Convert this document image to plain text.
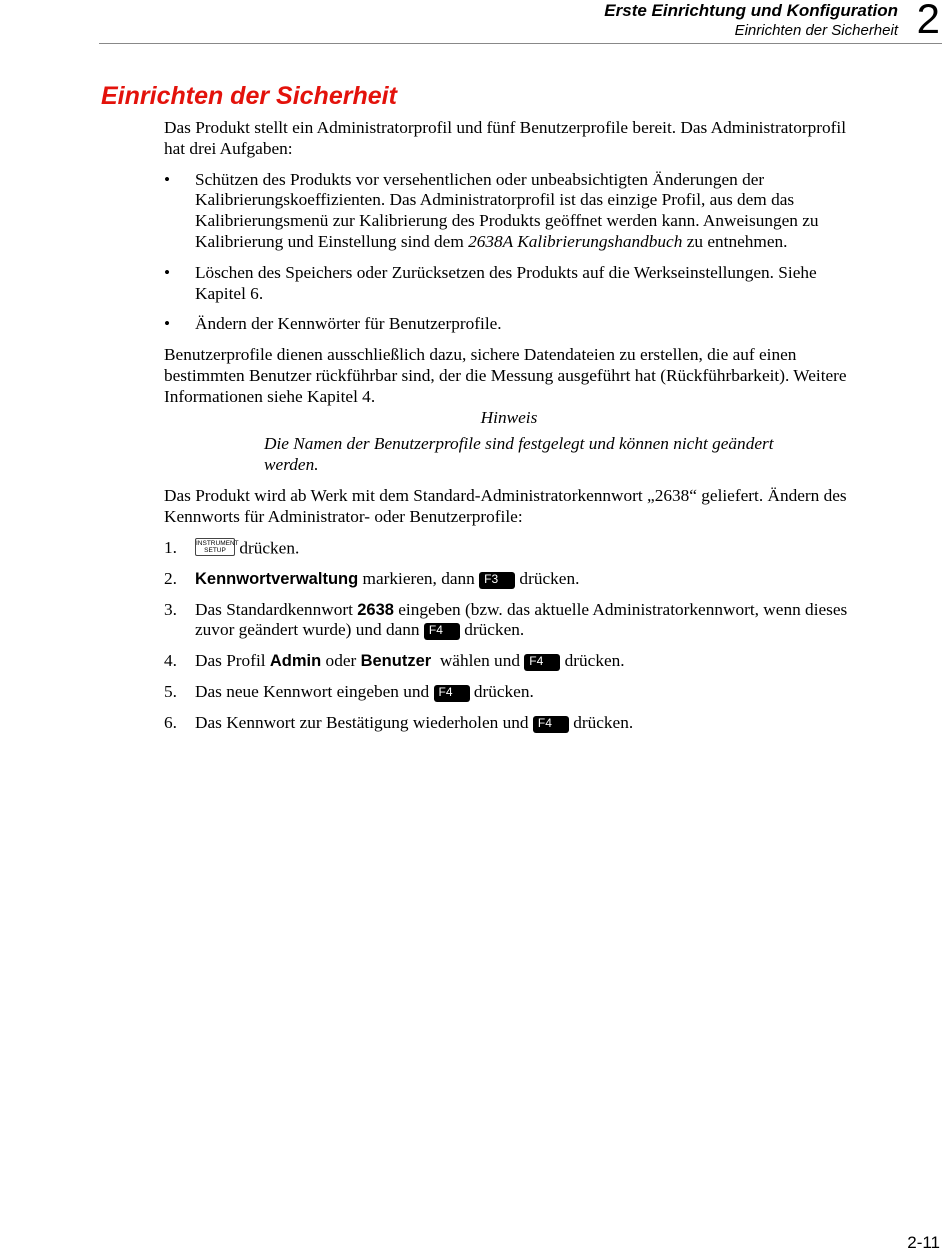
Erste Einrichtung und Konfiguration
Einrichten der Sicherheit 2
Einrichten der Sicherheit

Das Produkt stellt ein Administratorprofil und fünf Benutzerprofile bereit. Das Administratorprofil hat drei Aufgaben:

• Schützen des Produkts vor versehentlichen oder unbeabsichtigten Änderungen der Kalibrierungskoeffizienten. Das Administratorprofil ist das einzige Profil, aus dem das Kalibrierungsmenü zur Kalibrierung des Produkts geöffnet werden kann. Anweisungen zu Kalibrierung und Einstellung sind dem 2638A Kalibrierungshandbuch zu entnehmen.
• Löschen des Speichers oder Zurücksetzen des Produkts auf die Werkseinstellungen. Siehe Kapitel 6.
• Ändern der Kennwörter für Benutzerprofile.

Benutzerprofile dienen ausschließlich dazu, sichere Datendateien zu erstellen, die auf einen bestimmten Benutzer rückführbar sind, der die Messung ausgeführt hat (Rückführbarkeit). Weitere Informationen siehe Kapitel 4.

Hinweis
Die Namen der Benutzerprofile sind festgelegt und können nicht geändert werden.

Das Produkt wird ab Werk mit dem Standard-Administratorkennwort „2638“ geliefert. Ändern des Kennworts für Administrator- oder Benutzerprofile:

1.	INSTRUMENT
SETUP drücken.
2. Kennwortverwaltung markieren, dann F3 drücken.
3. Das Standardkennwort 2638 eingeben (bzw. das aktuelle Administratorkennwort, wenn dieses zuvor geändert wurde) und dann F4 drücken.
4. Das Profil Admin oder Benutzer  wählen und F4 drücken.
5. Das neue Kennwort eingeben und F4 drücken.
6. Das Kennwort zur Bestätigung wiederholen und F4 drücken.
2-11
